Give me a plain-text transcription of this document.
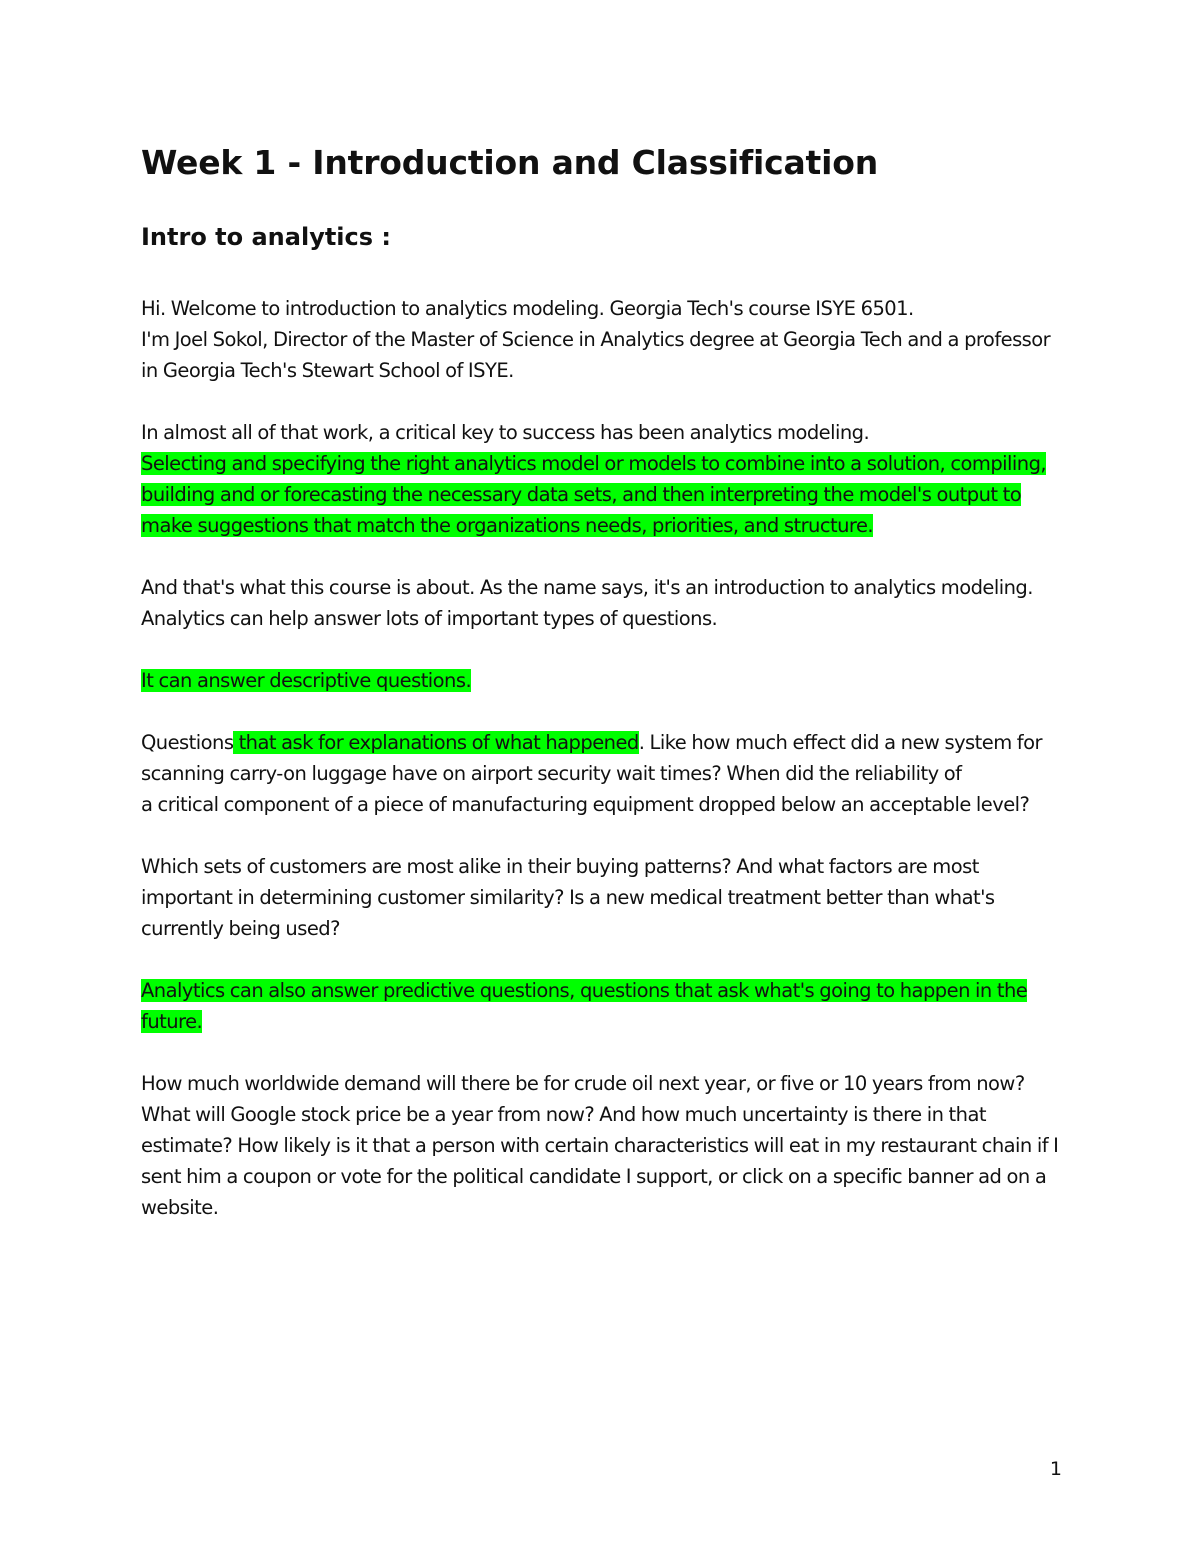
Week 1 - Introduction and Classification
Intro to analytics :

Hi. Welcome to introduction to analytics modeling. Georgia Tech's course ISYE 6501.
I'm Joel Sokol, Director of the Master of Science in Analytics degree at Georgia Tech and a professor in Georgia Tech's Stewart School of ISYE.

In almost all of that work, a critical key to success has been analytics modeling.
Selecting and specifying the right analytics model or models to combine into a solution, compiling, building and or forecasting the necessary data sets, and then interpreting the model's output to make suggestions that match the organizations needs, priorities, and structure.

And that's what this course is about. As the name says, it's an introduction to analytics modeling. Analytics can help answer lots of important types of questions.

It can answer descriptive questions.

Questions that ask for explanations of what happened. Like how much effect did a new system for scanning carry-on luggage have on airport security wait times? When did the reliability of
a critical component of a piece of manufacturing equipment dropped below an acceptable level?

Which sets of customers are most alike in their buying patterns? And what factors are most important in determining customer similarity? Is a new medical treatment better than what's currently being used?

Analytics can also answer predictive questions, questions that ask what's going to happen in the future.

How much worldwide demand will there be for crude oil next year, or five or 10 years from now? What will Google stock price be a year from now? And how much uncertainty is there in that estimate? How likely is it that a person with certain characteristics will eat in my restaurant chain if I sent him a coupon or vote for the political candidate I support, or click on a specific banner ad on a website.

1
